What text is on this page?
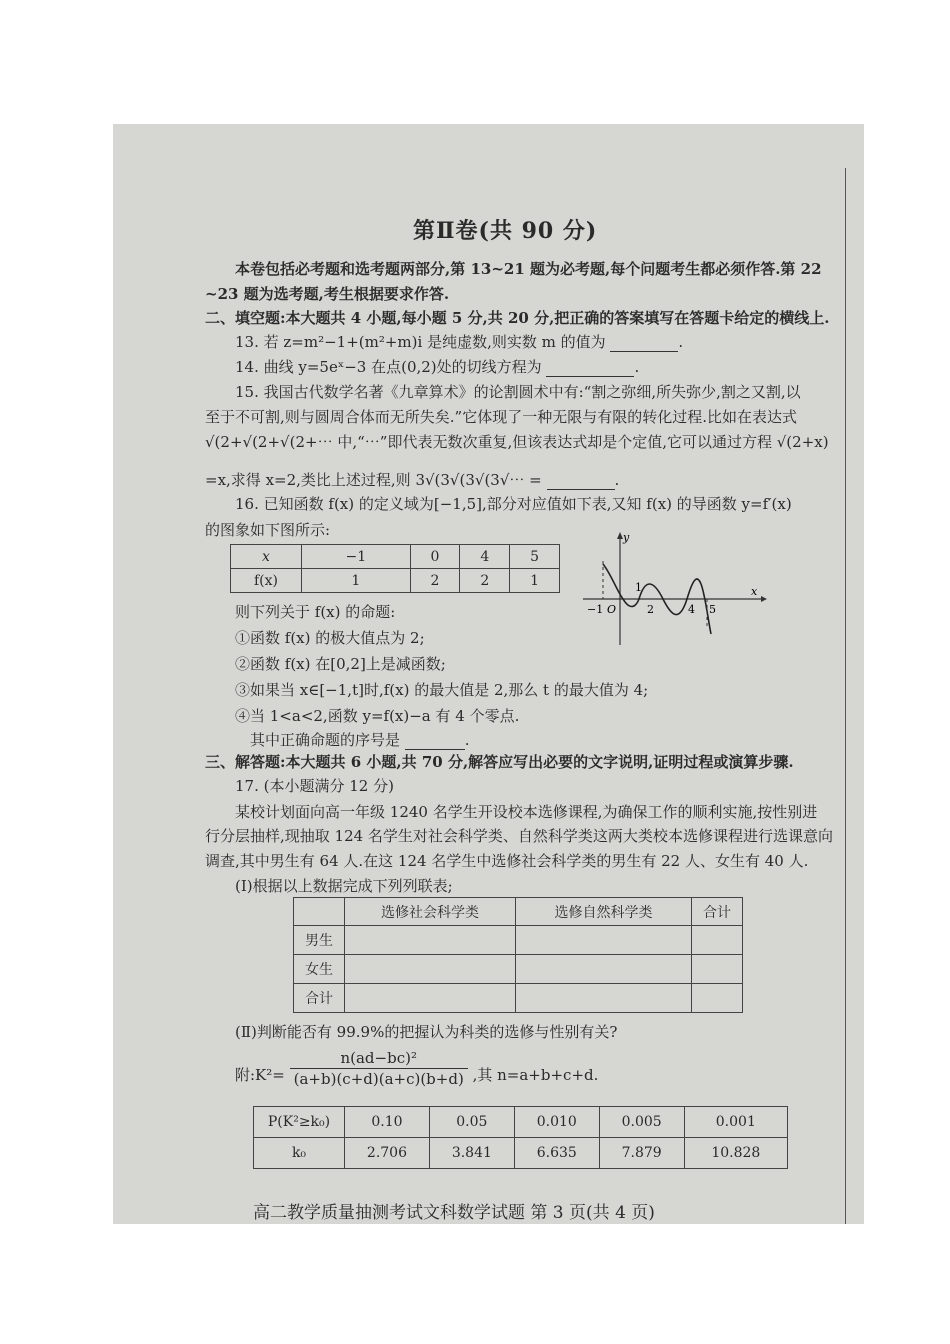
第Ⅱ卷(共 90 分)
本卷包括必考题和选考题两部分,第 13~21 题为必考题,每个问题考生都必须作答.第 22
~23 题为选考题,考生根据要求作答.
二、填空题:本大题共 4 小题,每小题 5 分,共 20 分,把正确的答案填写在答题卡给定的横线上.
13. 若 z=m²−1+(m²+m)i 是纯虚数,则实数 m 的值为	.
14. 曲线 y=5eˣ−3 在点(0,2)处的切线方程为	.
15. 我国古代数学名著《九章算术》的论割圆术中有:“割之弥细,所失弥少,割之又割,以
至于不可割,则与圆周合体而无所失矣.”它体现了一种无限与有限的转化过程.比如在表达式
√(2+√(2+√(2+⋯ 中,“⋯”即代表无数次重复,但该表达式却是个定值,它可以通过方程 √(2+x)
=x,求得 x=2,类比上述过程,则 3√(3√(3√(3√⋯ =	.
16. 已知函数 f(x) 的定义域为[−1,5],部分对应值如下表,又知 f(x) 的导函数 y=f′(x)
的图象如下图所示:
x	−1	0	4	5
f(x)	1	2	2	1
y
x
1
−1 O	2	4 5
则下列关于 f(x) 的命题:
①函数 f(x) 的极大值点为 2;
②函数 f(x) 在[0,2]上是减函数;
③如果当 x∈[−1,t]时,f(x) 的最大值是 2,那么 t 的最大值为 4;
④当 1<a<2,函数 y=f(x)−a 有 4 个零点.
其中正确命题的序号是	.
三、解答题:本大题共 6 小题,共 70 分,解答应写出必要的文字说明,证明过程或演算步骤.
17. (本小题满分 12 分)
某校计划面向高一年级 1240 名学生开设校本选修课程,为确保工作的顺利实施,按性别进
行分层抽样,现抽取 124 名学生对社会科学类、自然科学类这两大类校本选修课程进行选课意向
调查,其中男生有 64 人.在这 124 名学生中选修社会科学类的男生有 22 人、女生有 40 人.
(Ⅰ)根据以上数据完成下列列联表;
	选修社会科学类	选修自然科学类	合计
男生			
女生			
合计			
(Ⅱ)判断能否有 99.9%的把握认为科类的选修与性别有关?
附:K²= $\frac{\text{n(ad−bc)²}}{(a+b)(c+d)(a+c)(b+d)}$ ,其 n=a+b+c+d.
P(K²≥k₀)	0.10	0.05	0.010	0.005	0.001
k₀	2.706	3.841	6.635	7.879	10.828
高二教学质量抽测考试文科数学试题 第 3 页(共 4 页)
